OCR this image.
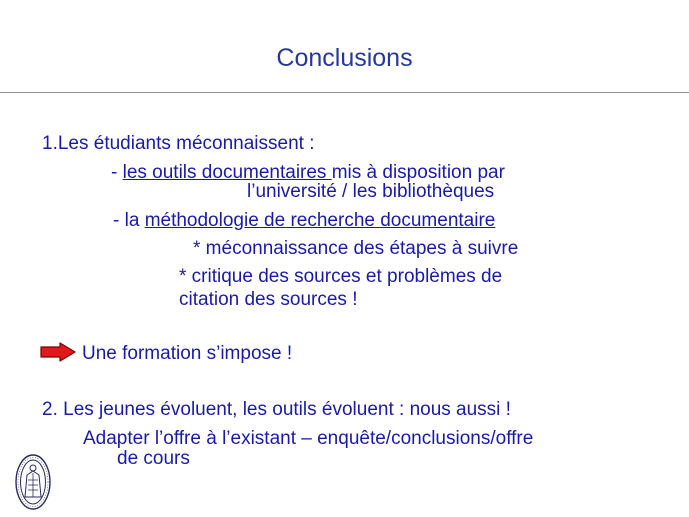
Conclusions
1.Les étudiants méconnaissent :
- les outils documentaires mis à disposition par
l’université / les bibliothèques
- la méthodologie de recherche documentaire
* méconnaissance des étapes à suivre
* critique des sources et problèmes de
citation des sources !
Une formation s’impose !
2. Les jeunes évoluent, les outils évoluent : nous aussi !
Adapter l’offre à l’existant – enquête/conclusions/offre
de cours
